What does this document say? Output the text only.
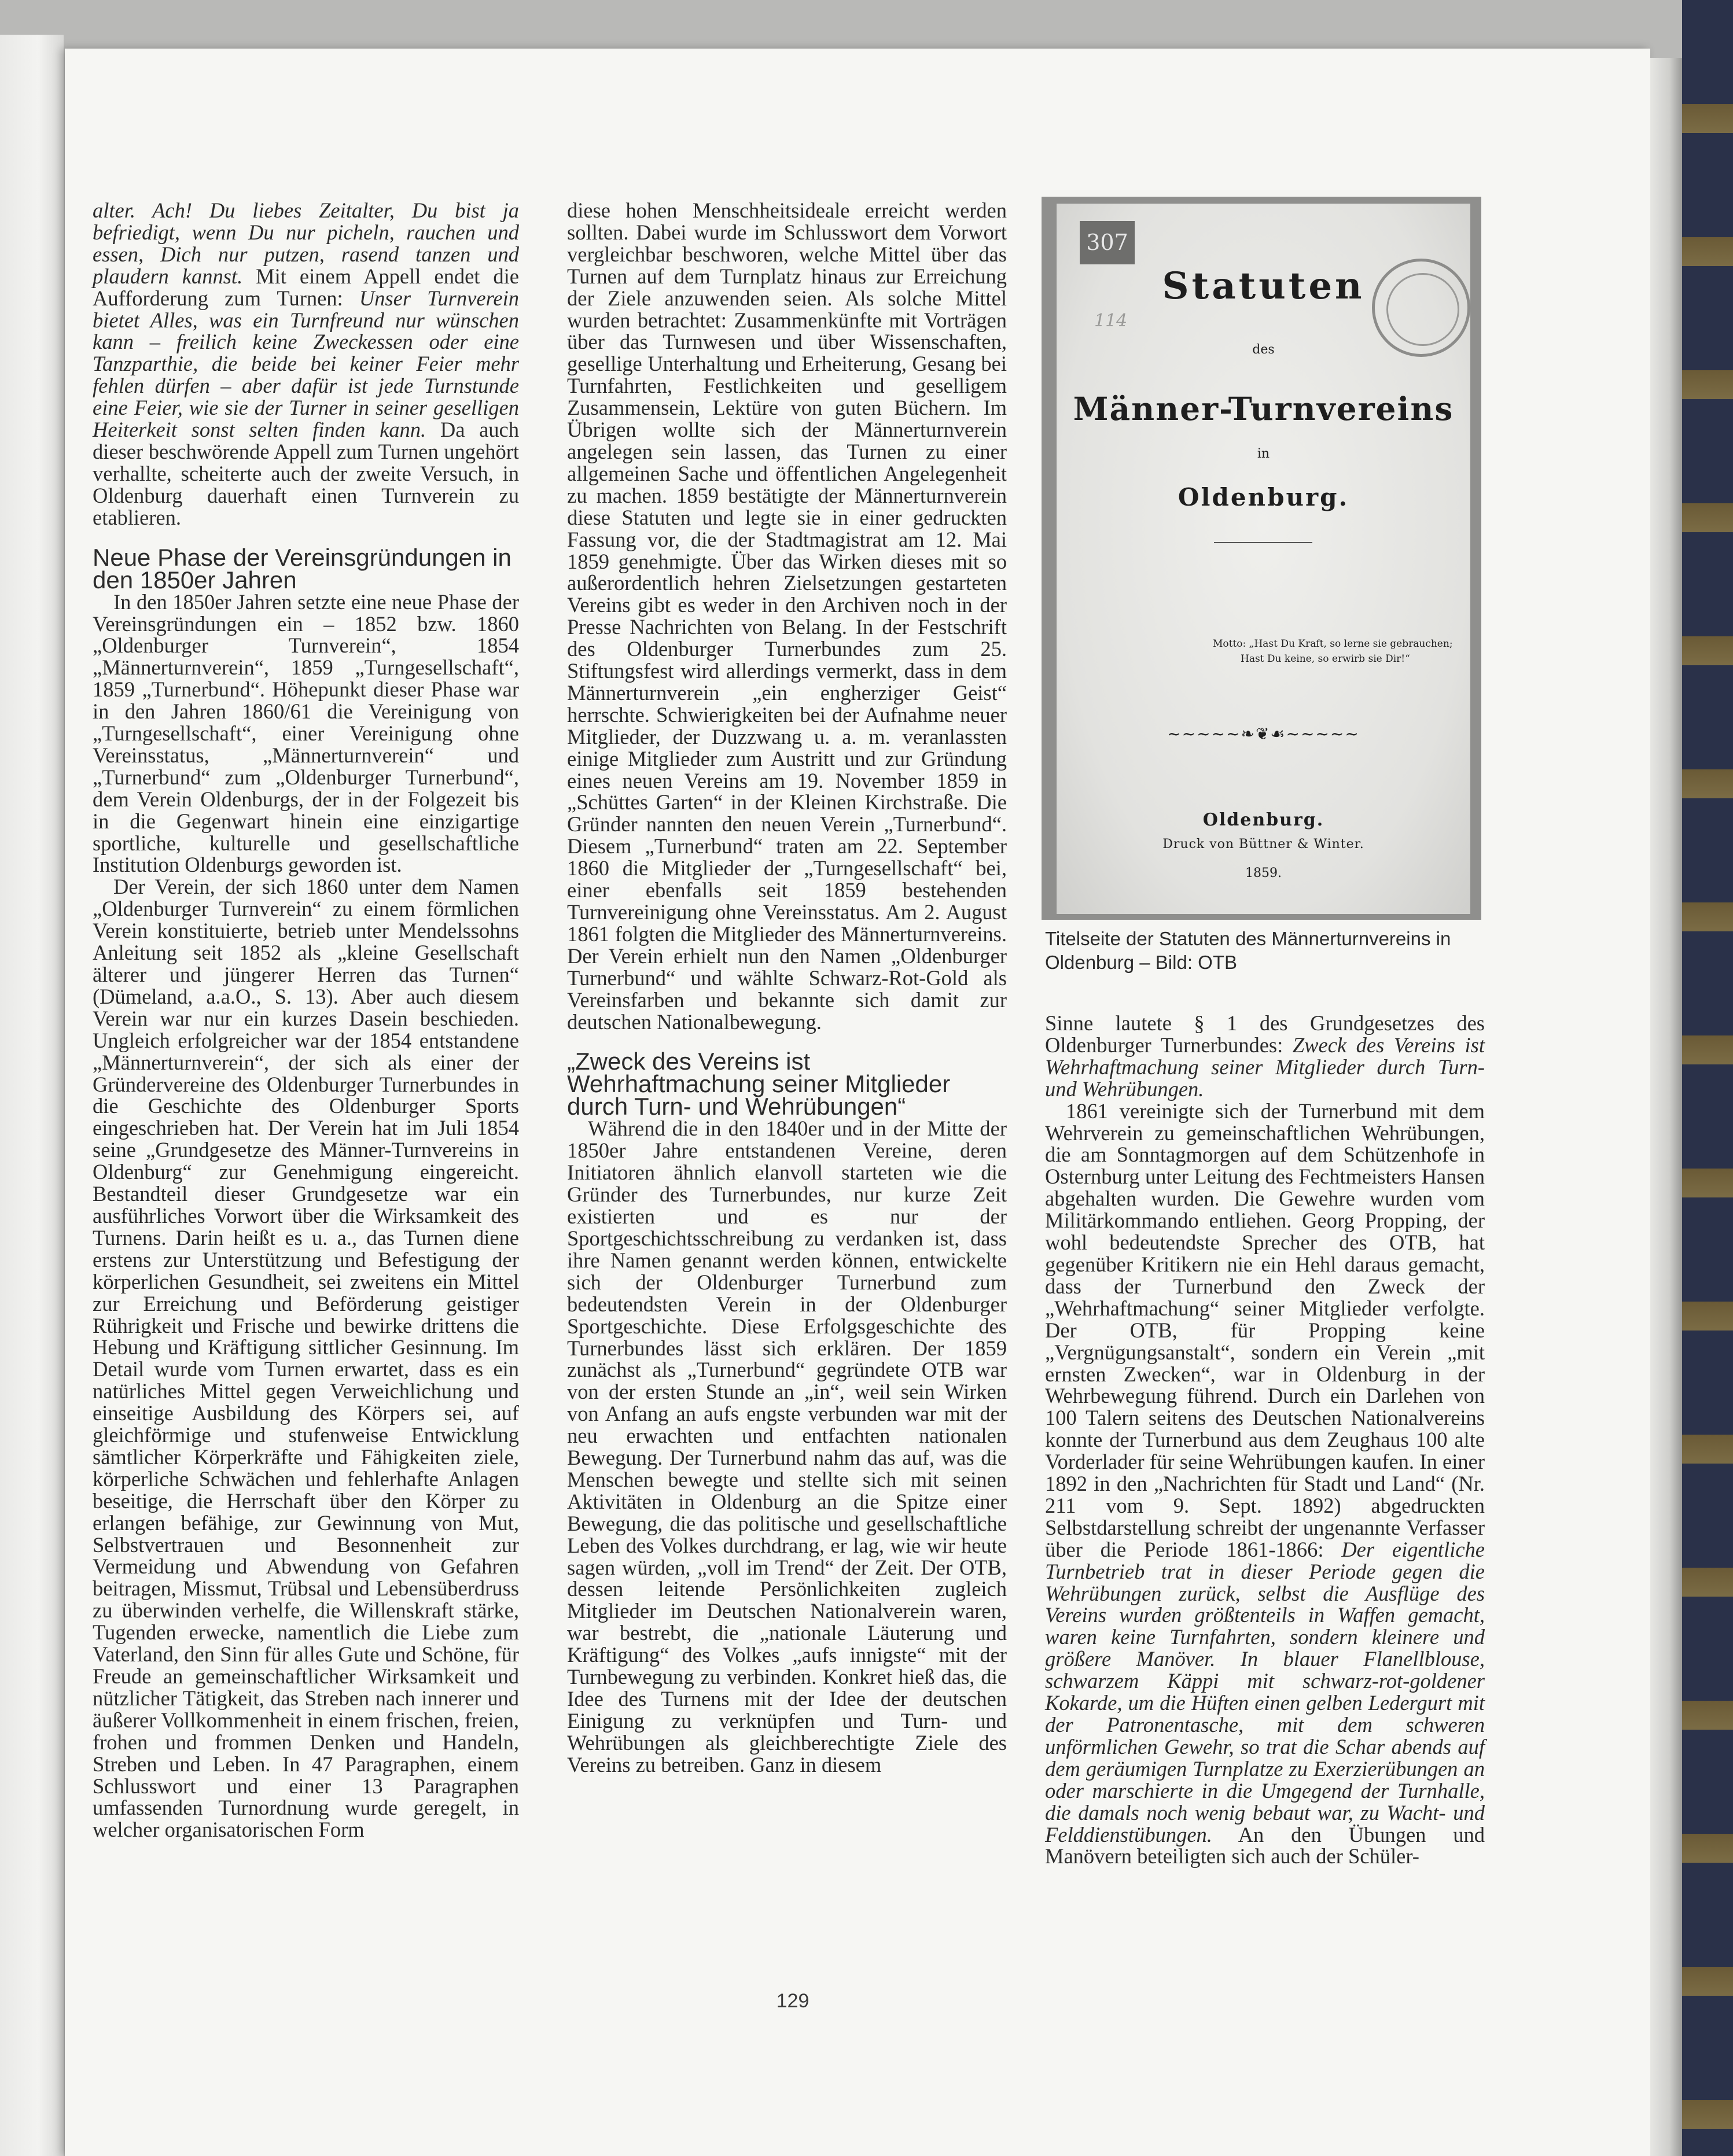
alter. Ach! Du liebes Zeitalter, Du bist ja befriedigt, wenn Du nur picheln, rauchen und essen, Dich nur putzen, rasend tanzen und plaudern kannst. Mit einem Appell endet die Aufforderung zum Turnen: Unser Turnverein bietet Alles, was ein Turnfreund nur wünschen kann – freilich keine Zweckessen oder eine Tanzparthie, die beide bei keiner Feier mehr fehlen dürfen – aber dafür ist jede Turnstunde eine Feier, wie sie der Turner in seiner geselligen Heiterkeit sonst selten finden kann. Da auch dieser beschwörende Appell zum Turnen ungehört verhallte, scheiterte auch der zweite Versuch, in Oldenburg dauerhaft einen Turnverein zu etablieren.

Neue Phase der Vereinsgründungen in den 1850er Jahren

In den 1850er Jahren setzte eine neue Phase der Vereinsgründungen ein – 1852 bzw. 1860 „Oldenburger Turnverein“, 1854 „Männerturnverein“, 1859 „Turngesellschaft“, 1859 „Turnerbund“. Höhepunkt dieser Phase war in den Jahren 1860/61 die Vereinigung von „Turngesellschaft“, einer Vereinigung ohne Vereinsstatus, „Männerturnverein“ und „Turnerbund“ zum „Oldenburger Turnerbund“, dem Verein Oldenburgs, der in der Folgezeit bis in die Gegenwart hinein eine einzigartige sportliche, kulturelle und gesellschaftliche Institution Oldenburgs geworden ist.

Der Verein, der sich 1860 unter dem Namen „Oldenburger Turnverein“ zu einem förmlichen Verein konstituierte, betrieb unter Mendelssohns Anleitung seit 1852 als „kleine Gesellschaft älterer und jüngerer Herren das Turnen“ (Dümeland, a.a.O., S. 13). Aber auch diesem Verein war nur ein kurzes Dasein beschieden. Ungleich erfolgreicher war der 1854 entstandene „Männerturnverein“, der sich als einer der Gründervereine des Oldenburger Turnerbundes in die Geschichte des Oldenburger Sports eingeschrieben hat. Der Verein hat im Juli 1854 seine „Grundgesetze des Männer-Turnvereins in Oldenburg“ zur Genehmigung eingereicht. Bestandteil dieser Grundgesetze war ein ausführliches Vorwort über die Wirksamkeit des Turnens. Darin heißt es u. a., das Turnen diene erstens zur Unterstützung und Befestigung der körperlichen Gesundheit, sei zweitens ein Mittel zur Erreichung und Beförderung geistiger Rührigkeit und Frische und bewirke drittens die Hebung und Kräftigung sittlicher Gesinnung. Im Detail wurde vom Turnen erwartet, dass es ein natürliches Mittel gegen Verweichlichung und einseitige Ausbildung des Körpers sei, auf gleichförmige und stufenweise Entwicklung sämtlicher Körperkräfte und Fähigkeiten ziele, körperliche Schwächen und fehlerhafte Anlagen beseitige, die Herrschaft über den Körper zu erlangen befähige, zur Gewinnung von Mut, Selbstvertrauen und Besonnenheit zur Vermeidung und Abwendung von Gefahren beitragen, Missmut, Trübsal und Lebensüberdruss zu überwinden verhelfe, die Willenskraft stärke, Tugenden erwecke, namentlich die Liebe zum Vaterland, den Sinn für alles Gute und Schöne, für Freude an gemeinschaftlicher Wirksamkeit und nützlicher Tätigkeit, das Streben nach innerer und äußerer Vollkommenheit in einem frischen, freien, frohen und frommen Denken und Handeln, Streben und Leben. In 47 Paragraphen, einem Schlusswort und einer 13 Paragraphen umfassenden Turnordnung wurde geregelt, in welcher organisatorischen Form

diese hohen Menschheitsideale erreicht werden sollten. Dabei wurde im Schlusswort dem Vorwort vergleichbar beschworen, welche Mittel über das Turnen auf dem Turnplatz hinaus zur Erreichung der Ziele anzuwenden seien. Als solche Mittel wurden betrachtet: Zusammenkünfte mit Vorträgen über das Turnwesen und über Wissenschaften, gesellige Unterhaltung und Erheiterung, Gesang bei Turnfahrten, Festlichkeiten und geselligem Zusammensein, Lektüre von guten Büchern. Im Übrigen wollte sich der Männerturnverein angelegen sein lassen, das Turnen zu einer allgemeinen Sache und öffentlichen Angelegenheit zu machen. 1859 bestätigte der Männerturnverein diese Statuten und legte sie in einer gedruckten Fassung vor, die der Stadtmagistrat am 12. Mai 1859 genehmigte. Über das Wirken dieses mit so außerordentlich hehren Zielsetzungen gestarteten Vereins gibt es weder in den Archiven noch in der Presse Nachrichten von Belang. In der Festschrift des Oldenburger Turnerbundes zum 25. Stiftungsfest wird allerdings vermerkt, dass in dem Männerturnverein „ein engherziger Geist“ herrschte. Schwierigkeiten bei der Aufnahme neuer Mitglieder, der Duzzwang u. a. m. veranlassten einige Mitglieder zum Austritt und zur Gründung eines neuen Vereins am 19. November 1859 in „Schüttes Garten“ in der Kleinen Kirchstraße. Die Gründer nannten den neuen Verein „Turnerbund“. Diesem „Turnerbund“ traten am 22. September 1860 die Mitglieder der „Turngesellschaft“ bei, einer ebenfalls seit 1859 bestehenden Turnvereinigung ohne Vereinsstatus. Am 2. August 1861 folgten die Mitglieder des Männerturnvereins. Der Verein erhielt nun den Namen „Oldenburger Turnerbund“ und wählte Schwarz-Rot-Gold als Vereinsfarben und bekannte sich damit zur deutschen Nationalbewegung.

„Zweck des Vereins ist Wehrhaftmachung seiner Mitglieder durch Turn- und Wehrübungen“

Während die in den 1840er und in der Mitte der 1850er Jahre entstandenen Vereine, deren Initiatoren ähnlich elanvoll starteten wie die Gründer des Turnerbundes, nur kurze Zeit existierten und es nur der Sportgeschichtsschreibung zu verdanken ist, dass ihre Namen genannt werden können, entwickelte sich der Oldenburger Turnerbund zum bedeutendsten Verein in der Oldenburger Sportgeschichte. Diese Erfolgsgeschichte des Turnerbundes lässt sich erklären. Der 1859 zunächst als „Turnerbund“ gegründete OTB war von der ersten Stunde an „in“, weil sein Wirken von Anfang an aufs engste verbunden war mit der neu erwachten und entfachten nationalen Bewegung. Der Turnerbund nahm das auf, was die Menschen bewegte und stellte sich mit seinen Aktivitäten in Oldenburg an die Spitze einer Bewegung, die das politische und gesellschaftliche Leben des Volkes durchdrang, er lag, wie wir heute sagen würden, „voll im Trend“ der Zeit. Der OTB, dessen leitende Persönlichkeiten zugleich Mitglieder im Deutschen Nationalverein waren, war bestrebt, die „nationale Läuterung und Kräftigung“ des Volkes „aufs innigste“ mit der Turnbewegung zu verbinden. Konkret hieß das, die Idee des Turnens mit der Idee der deutschen Einigung zu verknüpfen und Turn- und Wehrübungen als gleichberechtigte Ziele des Vereins zu betreiben. Ganz in diesem

307
114
Statuten
des
Männer-Turnvereins
in
Oldenburg.
Motto: „Hast Du Kraft, so lerne sie gebrauchen;
Hast Du keine, so erwirb sie Dir!“
~~~~~❧❦☙~~~~~
Oldenburg.
Druck von Büttner & Winter.
1859.
Titelseite der Statuten des Männerturnvereins in Oldenburg – Bild: OTB

Sinne lautete § 1 des Grundgesetzes des Oldenburger Turnerbundes: Zweck des Vereins ist Wehrhaftmachung seiner Mitglieder durch Turn- und Wehrübungen.

1861 vereinigte sich der Turnerbund mit dem Wehrverein zu gemeinschaftlichen Wehrübungen, die am Sonntagmorgen auf dem Schützenhofe in Osternburg unter Leitung des Fechtmeisters Hansen abgehalten wurden. Die Gewehre wurden vom Militärkommando entliehen. Georg Propping, der wohl bedeutendste Sprecher des OTB, hat gegenüber Kritikern nie ein Hehl daraus gemacht, dass der Turnerbund den Zweck der „Wehrhaftmachung“ seiner Mitglieder verfolgte. Der OTB, für Propping keine „Vergnügungsanstalt“, sondern ein Verein „mit ernsten Zwecken“, war in Oldenburg in der Wehrbewegung führend. Durch ein Darlehen von 100 Talern seitens des Deutschen Nationalvereins konnte der Turnerbund aus dem Zeughaus 100 alte Vorderlader für seine Wehrübungen kaufen. In einer 1892 in den „Nachrichten für Stadt und Land“ (Nr. 211 vom 9. Sept. 1892) abgedruckten Selbstdarstellung schreibt der ungenannte Verfasser über die Periode 1861-1866: Der eigentliche Turnbetrieb trat in dieser Periode gegen die Wehrübungen zurück, selbst die Ausflüge des Vereins wurden größtenteils in Waffen gemacht, waren keine Turnfahrten, sondern kleinere und größere Manöver. In blauer Flanellblouse, schwarzem Käppi mit schwarz-rot-goldener Kokarde, um die Hüften einen gelben Ledergurt mit der Patronentasche, mit dem schweren unförmlichen Gewehr, so trat die Schar abends auf dem geräumigen Turnplatze zu Exerzierübungen an oder marschierte in die Umgegend der Turnhalle, die damals noch wenig bebaut war, zu Wacht- und Felddienstübungen. An den Übungen und Manövern beteiligten sich auch der Schüler-

129
